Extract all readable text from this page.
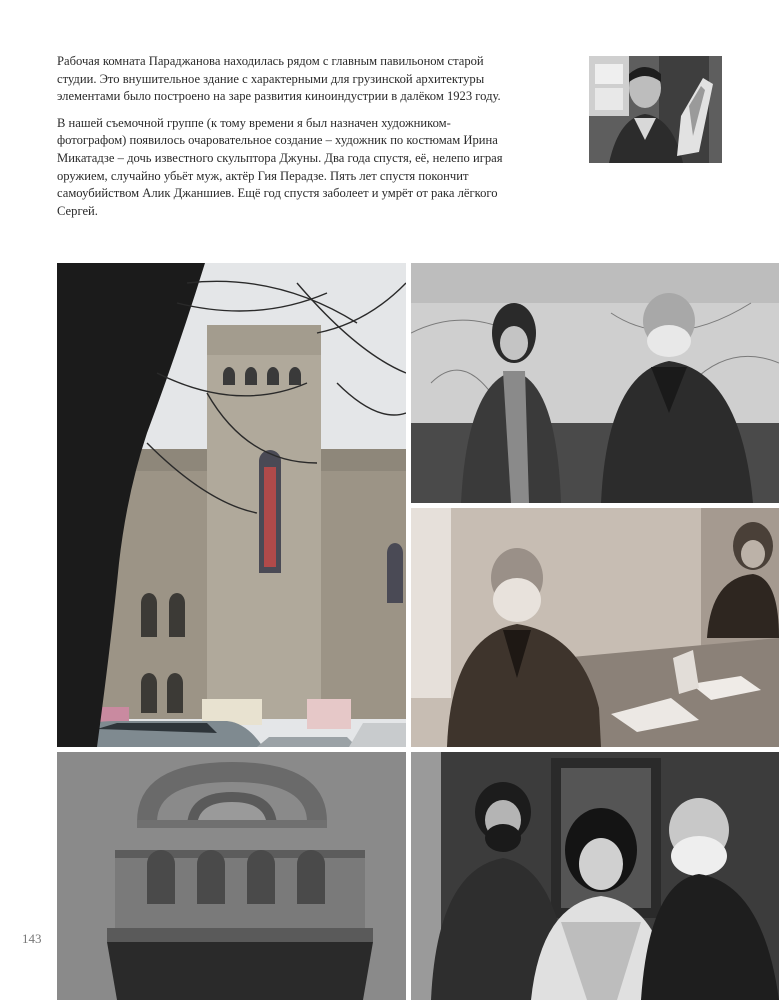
Рабочая комната Параджанова находилась рядом с главным павильоном старой студии. Это внушительное здание с характерными для грузинской архитектуры элементами было построено на заре развития киноиндустрии в далёком 1923 году.

В нашей съемочной группе (к тому времени я был назначен художником-фотографом) появилось очаровательное создание – художник по костюмам Ирина Микатадзе – дочь известного скульптора Джуны. Два года спустя, её, нелепо играя оружием, случайно убьёт муж, актёр Гия Перадзе. Пять лет спустя покончит самоубийством Алик Джаншиев. Ещё год спустя заболеет и умрёт от рака лёгкого Сергей.

143
